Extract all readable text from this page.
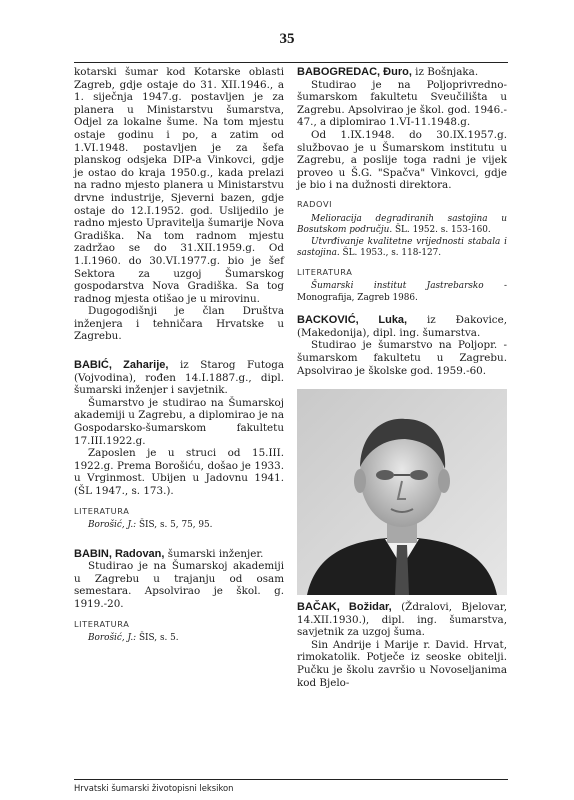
35

kotarski šumar kod Kotarske oblasti Zagreb, gdje ostaje do 31. XII.1946., a 1. siječnja 1947.g. postavljen je za planera u Ministarstvu šumarstva, Odjel za lokalne šume. Na tom mjestu ostaje godinu i po, a zatim od 1.VI.1948. postavljen je za šefa planskog odsjeka DIP-a Vinkovci, gdje je ostao do kraja 1950.g., kada prelazi na radno mjesto planera u Ministarstvu drvne industrije, Sjeverni bazen, gdje ostaje do 12.I.1952. god. Uslijedilo je radno mjesto Upravitelja šumarije Nova Gradiška. Na tom radnom mjestu zadržao se do 31.XII.1959.g. Od 1.I.1960. do 30.VI.1977.g. bio je šef Sektora za uzgoj Šumarskog gospodarstva Nova Gradiška. Sa tog radnog mjesta otišao je u mirovinu.

Dugogodišnji je član Društva inženjera i tehničara Hrvatske u Zagrebu.

BABIĆ, Zaharije, iz Starog Futoga (Vojvodina), rođen 14.I.1887.g., dipl. šumarski inženjer i savjetnik.

Šumarstvo je studirao na Šumarskoj akademiji u Zagrebu, a diplomirao je na Gospodarsko-šumarskom fakultetu 17.III.1922.g.

Zaposlen je u struci od 15.III. 1922.g. Prema Borošiću, došao je 1933. u Vrginmost. Ubijen u Jadovnu 1941. (ŠL 1947., s. 173.).

LITERATURA

Borošić, J.: ŠIS, s. 5, 75, 95.

BABIN, Radovan, šumarski inženjer.

Studirao je na Šumarskoj akademiji u Zagrebu u trajanju od osam semestara. Apsolvirao je škol. g. 1919.-20.

LITERATURA

Borošić, J.: ŠIS, s. 5.

BABOGREDAC, Đuro, iz Bošnjaka.

Studirao je na Poljoprivredno-šumarskom fakultetu Sveučilišta u Zagrebu. Apsolvirao je škol. god. 1946.- 47., a diplomirao 1.VI-11.1948.g.

Od 1.IX.1948. do 30.IX.1957.g. službovao je u Šumarskom institutu u Zagrebu, a poslije toga radni je vijek proveo u Š.G. "Spačva" Vinkovci, gdje je bio i na dužnosti direktora.

RADOVI

Melioracija degradiranih sastojina u Bosutskom području. ŠL. 1952. s. 153-160.

Utvrđivanje kvalitetne vrijednosti stabala i sastojina. ŠL. 1953., s. 118-127.

LITERATURA

Šumarski institut Jastrebarsko - Monografija, Zagreb 1986.

BACKOVIĆ, Luka, iz Đakovice, (Makedonija), dipl. ing. šumarstva.

Studirao je šumarstvo na Poljopr. - šumarskom fakultetu u Zagrebu. Apsolvirao je školske god. 1959.-60.

BAČAK, Božidar, (Ždralovi, Bjelovar, 14.XII.1930.), dipl. ing. šumarstva, savjetnik za uzgoj šuma.

Sin Andrije i Marije r. David. Hrvat, rimokatolik. Potječe iz seoske obitelji. Pučku je školu završio u Novoseljanima kod Bjelo-

Hrvatski šumarski životopisni leksikon
